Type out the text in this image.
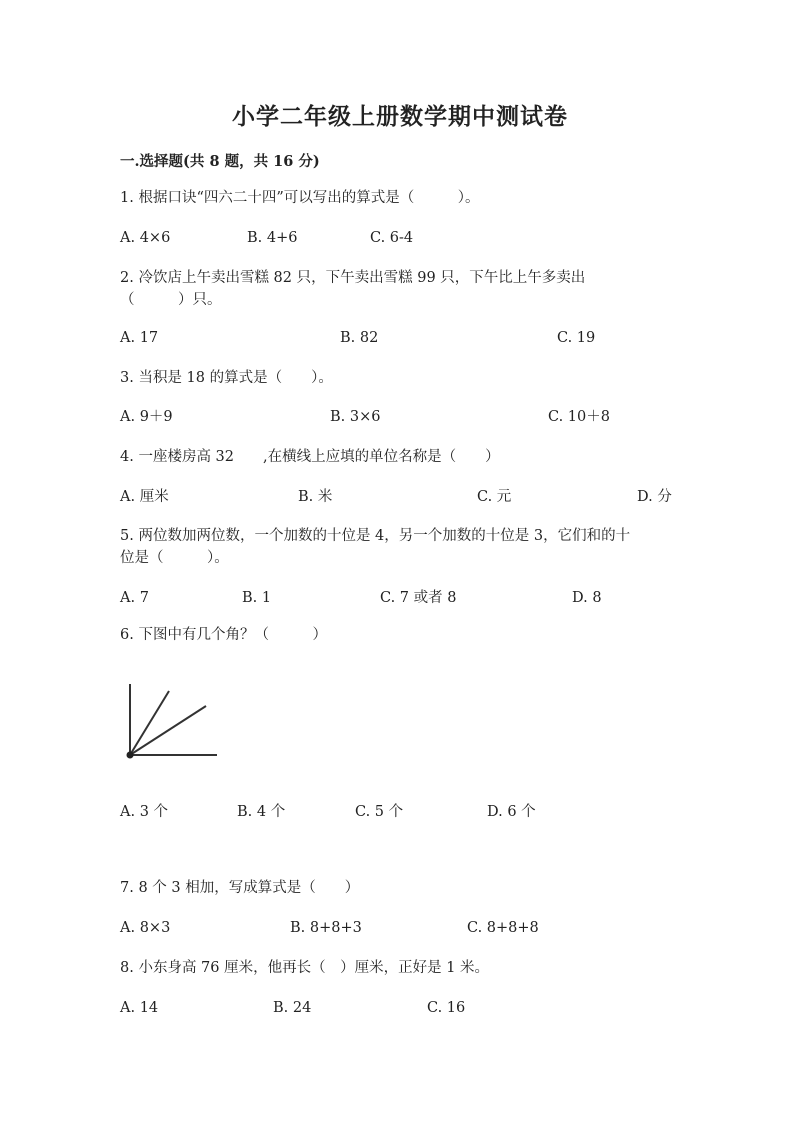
小学二年级上册数学期中测试卷
一.选择题(共 8 题，共 16 分)
1. 根据口诀“四六二十四”可以写出的算式是（　　　）。
A. 4×6	B. 4+6	C. 6-4
2. 冷饮店上午卖出雪糕 82 只，下午卖出雪糕 99 只，下午比上午多卖出
（　　　）只。
A. 17	B. 82	C. 19
3. 当积是 18 的算式是（　　）。
A. 9＋9	B. 3×6	C. 10＋8
4. 一座楼房高 32　　,在横线上应填的单位名称是（　　）
A. 厘米	B. 米	C. 元	D. 分
5. 两位数加两位数，一个加数的十位是 4，另一个加数的十位是 3，它们和的十
位是（　　　）。
A. 7	B. 1	C. 7 或者 8	D. 8
6. 下图中有几个角？（　　　）
A. 3 个	B. 4 个	C. 5 个	D. 6 个
7. 8 个 3 相加，写成算式是（　　）
A. 8×3	B. 8+8+3	C. 8+8+8
8. 小东身高 76 厘米，他再长（　）厘米，正好是 1 米。
A. 14	B. 24	C. 16
